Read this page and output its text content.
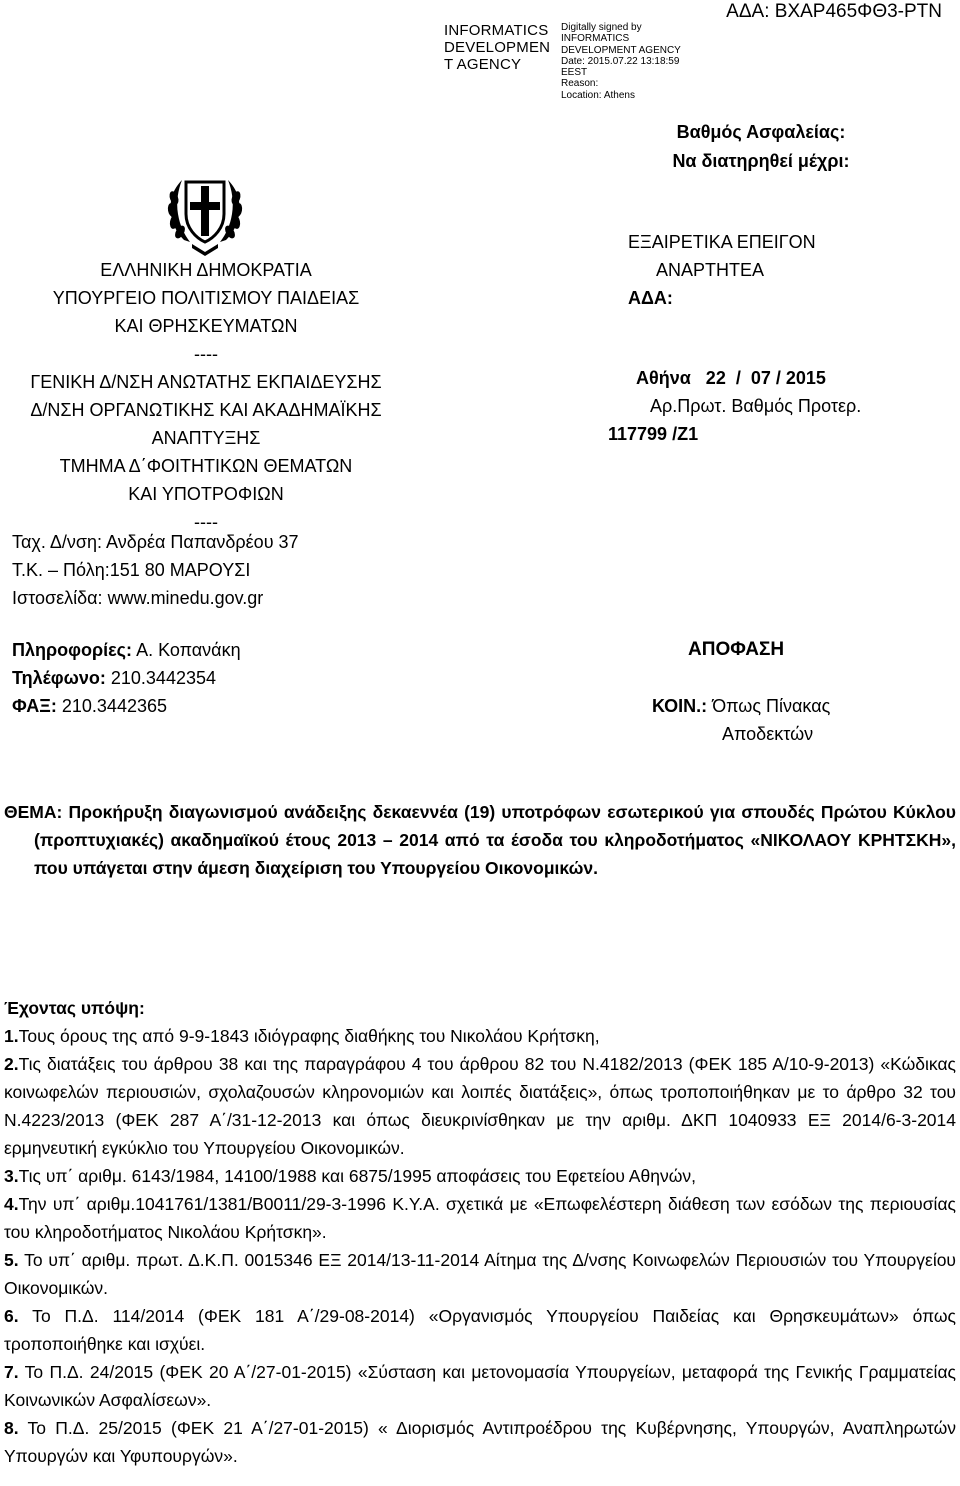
INFORMATICS
DEVELOPMEN
T AGENCY
Digitally signed by
INFORMATICS
DEVELOPMENT AGENCY
Date: 2015.07.22 13:18:59
EEST
Reason:
Location: Athens
ΑΔΑ: ΒΧΑΡ465ΦΘ3-ΡΤΝ
Βαθμός Ασφαλείας:
Να διατηρηθεί μέχρι:
ΕΛΛΗΝΙΚΗ ΔΗΜΟΚΡΑΤΙΑ
ΥΠΟΥΡΓΕΙΟ ΠΟΛΙΤΙΣΜΟΥ ΠΑΙΔΕΙΑΣ
ΚΑΙ ΘΡΗΣΚΕΥΜΑΤΩΝ
----
ΓΕΝΙΚΗ Δ/ΝΣΗ ΑΝΩΤΑΤΗΣ ΕΚΠΑΙΔΕΥΣΗΣ
Δ/ΝΣΗ ΟΡΓΑΝΩΤΙΚΗΣ ΚΑΙ ΑΚΑΔΗΜΑΪΚΗΣ
ΑΝΑΠΤΥΞΗΣ
ΤΜΗΜΑ Δ΄ΦΟΙΤΗΤΙΚΩΝ ΘΕΜΑΤΩΝ
ΚΑΙ ΥΠΟΤΡΟΦΙΩΝ
----
Ταχ. Δ/νση: Ανδρέα Παπανδρέου 37
Τ.Κ. – Πόλη:151 80 ΜΑΡΟΥΣΙ
Ιστοσελίδα: www.minedu.gov.gr
Πληροφορίες: Α. Κοπανάκη
Τηλέφωνο: 210.3442354
ΦΑΞ: 210.3442365
ΕΞΑΙΡΕΤΙΚΑ ΕΠΕΙΓΟΝ
ΑΝΑΡΤΗΤΕΑ
ΑΔΑ:
Αθήνα   22  /  07 / 2015
Αρ.Πρωτ. Βαθμός Προτερ.
117799 /Ζ1
ΑΠΟΦΑΣΗ
ΚΟΙΝ.: Όπως Πίνακας
Αποδεκτών
ΘΕΜΑ: Προκήρυξη διαγωνισμού ανάδειξης δεκαεννέα (19) υποτρόφων εσωτερικού για σπουδές Πρώτου Κύκλου (προπτυχιακές) ακαδημαϊκού έτους 2013 – 2014 από τα έσοδα του κληροδοτήματος «ΝΙΚΟΛΑΟΥ ΚΡΗΤΣΚΗ», που υπάγεται στην άμεση διαχείριση του Υπουργείου Οικονομικών.
Έχοντας υπόψη:
1.Τους όρους της από 9-9-1843 ιδιόγραφης διαθήκης του Νικολάου Κρήτσκη,
2.Τις διατάξεις του άρθρου 38 και της παραγράφου 4 του άρθρου 82 του Ν.4182/2013 (ΦΕΚ 185 Α/10-9-2013) «Κώδικας κοινωφελών περιουσιών, σχολαζουσών κληρονομιών και λοιπές διατάξεις», όπως τροποποιήθηκαν με το άρθρο 32 του Ν.4223/2013 (ΦΕΚ 287 Α΄/31-12-2013 και όπως διευκρινίσθηκαν με την αριθμ. ΔΚΠ 1040933 ΕΞ 2014/6-3-2014 ερμηνευτική εγκύκλιο του Υπουργείου Οικονομικών.
3.Τις υπ΄ αριθμ. 6143/1984, 14100/1988 και 6875/1995 αποφάσεις του Εφετείου Αθηνών,
4.Την υπ΄ αριθμ.1041761/1381/Β0011/29-3-1996 Κ.Υ.Α. σχετικά με «Επωφελέστερη διάθεση των εσόδων της περιουσίας του κληροδοτήματος Νικολάου Κρήτσκη».
5. Το υπ΄ αριθμ. πρωτ. Δ.Κ.Π. 0015346 ΕΞ 2014/13-11-2014 Αίτημα της Δ/νσης Κοινωφελών Περιουσιών του Υπουργείου Οικονομικών.
6. Το Π.Δ. 114/2014 (ΦΕΚ 181 Α΄/29-08-2014) «Οργανισμός Υπουργείου Παιδείας και Θρησκευμάτων» όπως τροποποιήθηκε και ισχύει.
7. Το Π.Δ. 24/2015 (ΦΕΚ 20 Α΄/27-01-2015) «Σύσταση και μετονομασία Υπουργείων, μεταφορά της Γενικής Γραμματείας Κοινωνικών Ασφαλίσεων».
8. Το Π.Δ. 25/2015 (ΦΕΚ 21 Α΄/27-01-2015) « Διορισμός Αντιπροέδρου της Κυβέρνησης, Υπουργών, Αναπληρωτών Υπουργών και Υφυπουργών».
